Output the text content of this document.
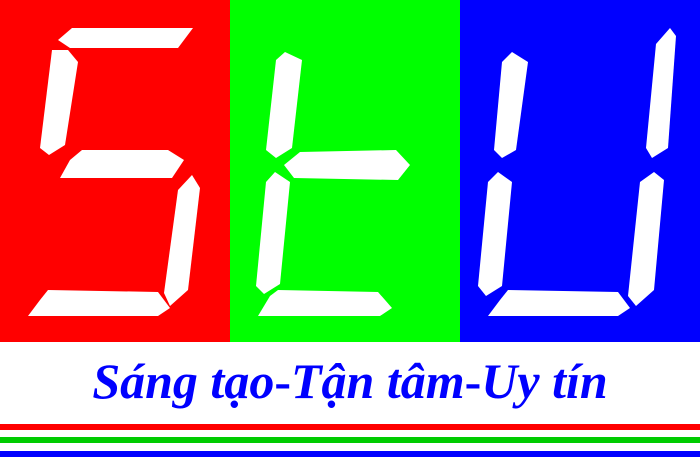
Sáng tạo-Tận tâm-Uy tín
